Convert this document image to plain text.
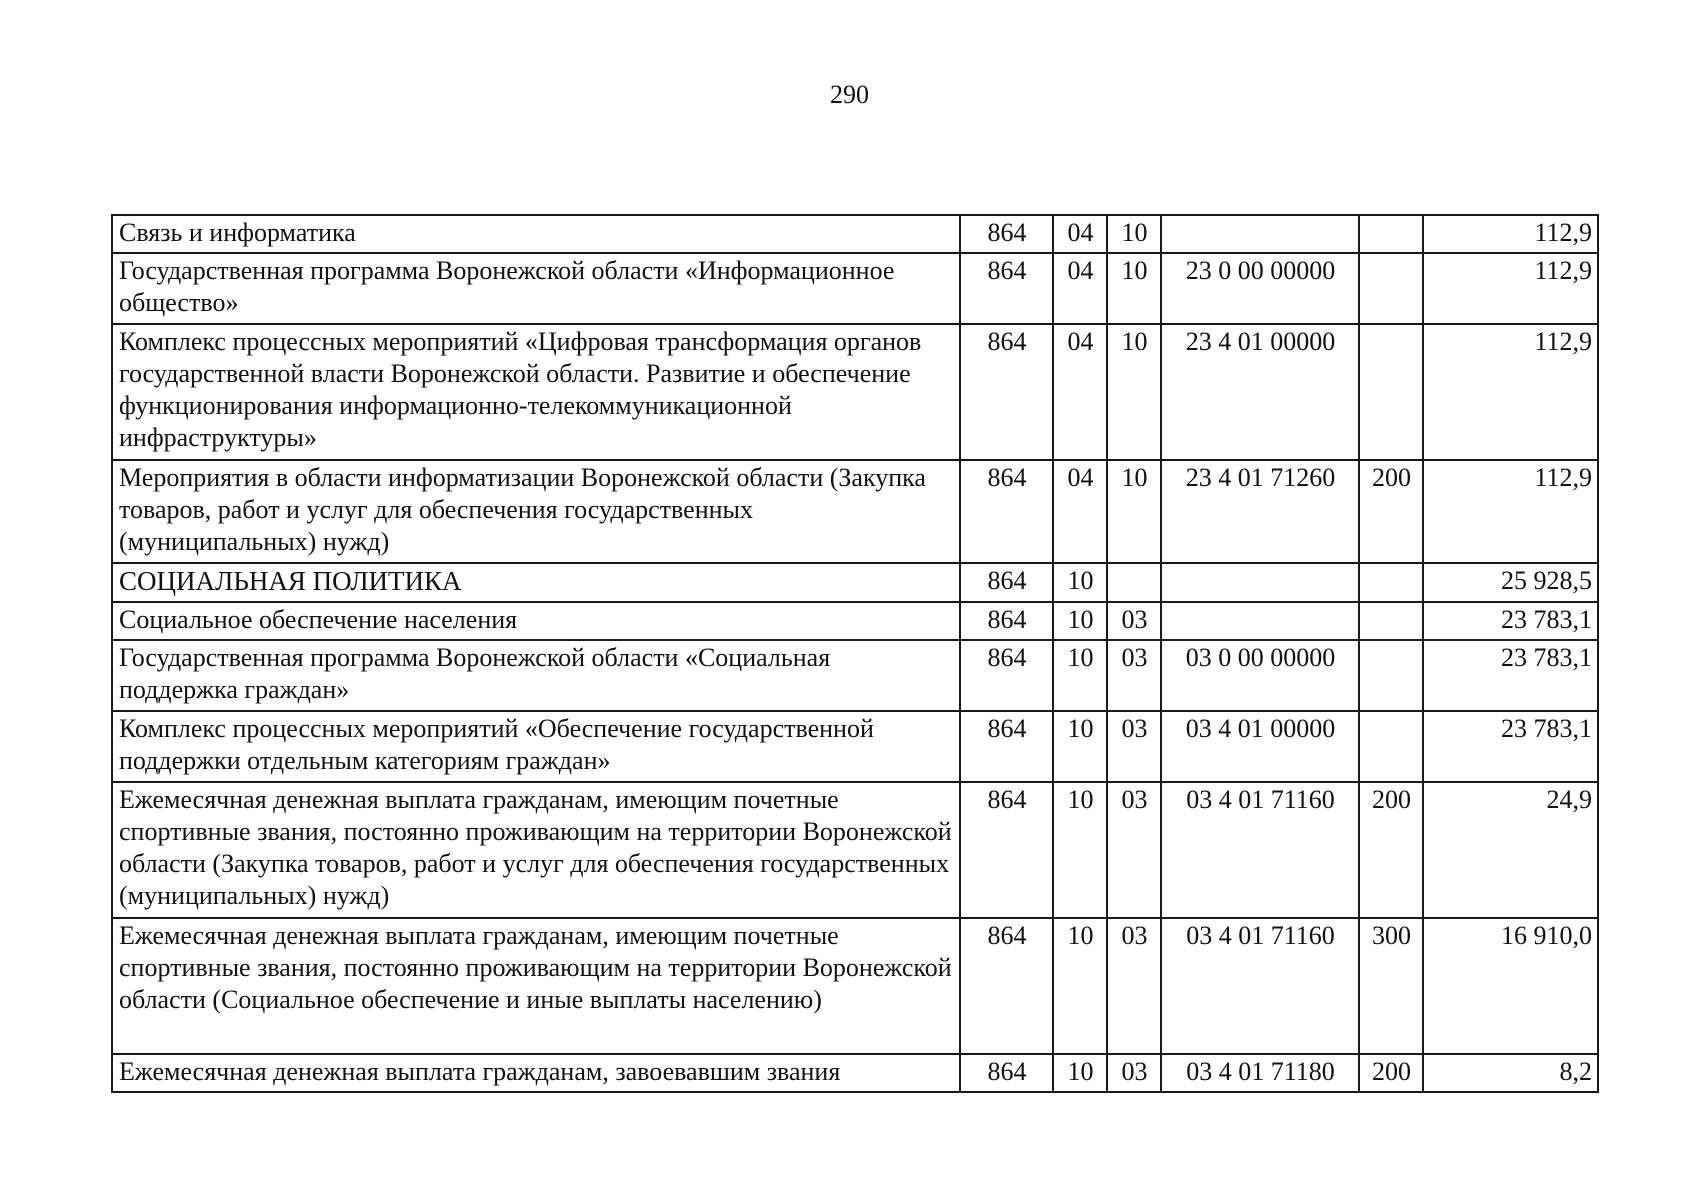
290
Связь и информатика	864	04	10			112,9
Государственная программа Воронежской области «Информационное общество»	864	04	10	23 0 00 00000		112,9
Комплекс процессных мероприятий «Цифровая трансформация органов государственной власти Воронежской области. Развитие и обеспечение функционирования информационно-телекоммуникационной инфраструктуры»	864	04	10	23 4 01 00000		112,9
Мероприятия в области информатизации Воронежской области (Закупка товаров, работ и услуг для обеспечения государственных (муниципальных) нужд)	864	04	10	23 4 01 71260	200	112,9
СОЦИАЛЬНАЯ ПОЛИТИКА	864	10				25 928,5
Социальное обеспечение населения	864	10	03			23 783,1
Государственная программа Воронежской области «Социальная поддержка граждан»	864	10	03	03 0 00 00000		23 783,1
Комплекс процессных мероприятий «Обеспечение государственной поддержки отдельным категориям граждан»	864	10	03	03 4 01 00000		23 783,1
Ежемесячная денежная выплата гражданам, имеющим почетные спортивные звания, постоянно проживающим на территории Воронежской области (Закупка товаров, работ и услуг для обеспечения государственных (муниципальных) нужд)	864	10	03	03 4 01 71160	200	24,9
Ежемесячная денежная выплата гражданам, имеющим почетные спортивные звания, постоянно проживающим на территории Воронежской области (Социальное обеспечение и иные выплаты населению)	864	10	03	03 4 01 71160	300	16 910,0
Ежемесячная денежная выплата гражданам, завоевавшим звания	864	10	03	03 4 01 71180	200	8,2
